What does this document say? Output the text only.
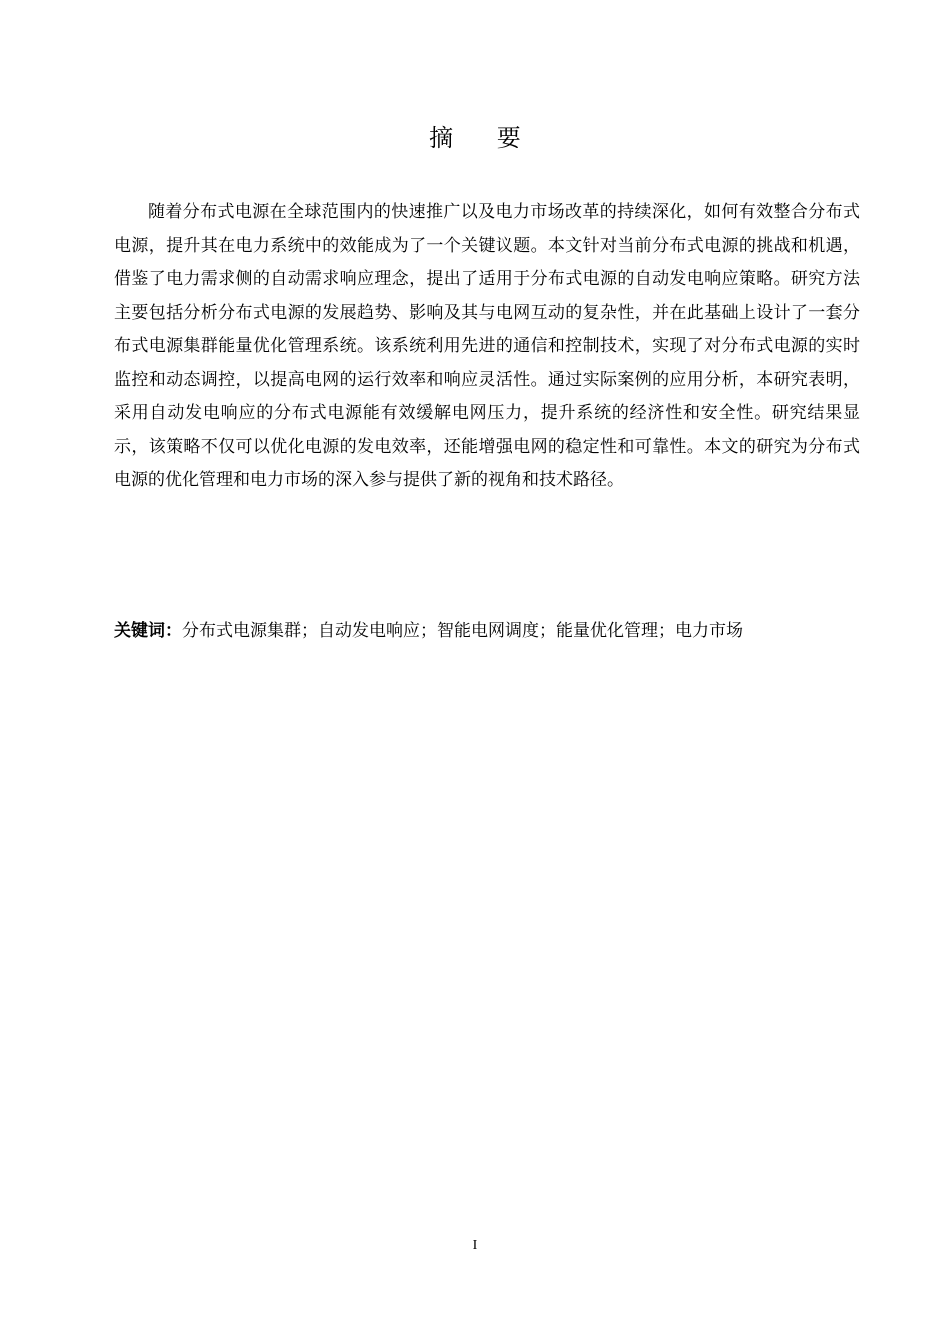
摘 要

随着分布式电源在全球范围内的快速推广以及电力市场改革的持续深化，如何有效整合分布式电源，提升其在电力系统中的效能成为了一个关键议题。本文针对当前分布式电源的挑战和机遇，借鉴了电力需求侧的自动需求响应理念，提出了适用于分布式电源的自动发电响应策略。研究方法主要包括分析分布式电源的发展趋势、影响及其与电网互动的复杂性，并在此基础上设计了一套分布式电源集群能量优化管理系统。该系统利用先进的通信和控制技术，实现了对分布式电源的实时监控和动态调控，以提高电网的运行效率和响应灵活性。通过实际案例的应用分析，本研究表明，采用自动发电响应的分布式电源能有效缓解电网压力，提升系统的经济性和安全性。研究结果显示，该策略不仅可以优化电源的发电效率，还能增强电网的稳定性和可靠性。本文的研究为分布式电源的优化管理和电力市场的深入参与提供了新的视角和技术路径。

关键词：分布式电源集群；自动发电响应；智能电网调度；能量优化管理；电力市场

I
